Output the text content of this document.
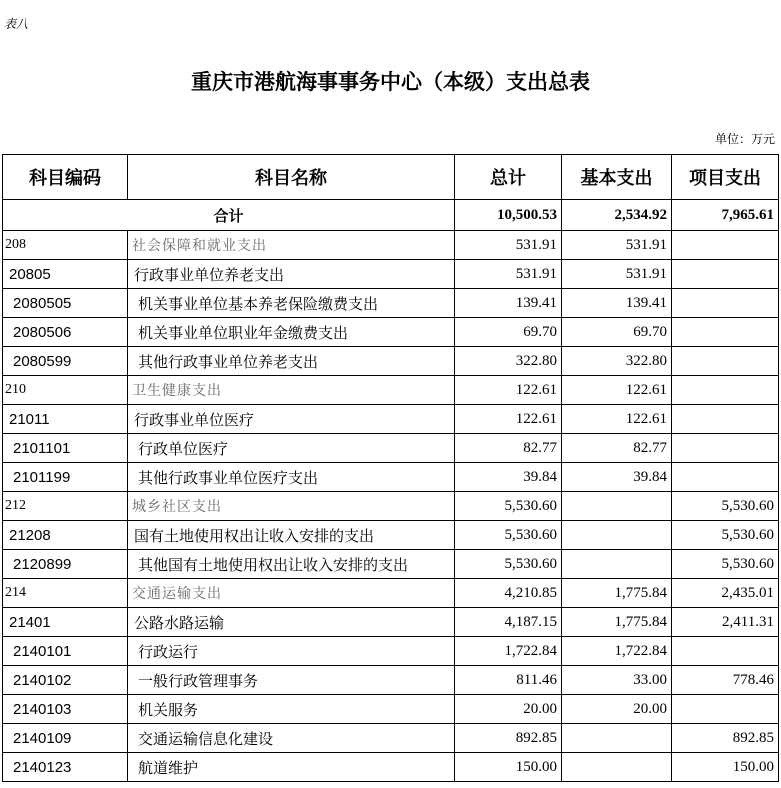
表八
重庆市港航海事事务中心（本级）支出总表
单位：万元
科目编码	科目名称	总计	基本支出	项目支出
合计		10,500.53	2,534.92	7,965.61
208	社会保障和就业支出	531.91	531.91	
20805	行政事业单位养老支出	531.91	531.91	
2080505	机关事业单位基本养老保险缴费支出	139.41	139.41	
2080506	机关事业单位职业年金缴费支出	69.70	69.70	
2080599	其他行政事业单位养老支出	322.80	322.80	
210	卫生健康支出	122.61	122.61	
21011	行政事业单位医疗	122.61	122.61	
2101101	行政单位医疗	82.77	82.77	
2101199	其他行政事业单位医疗支出	39.84	39.84	
212	城乡社区支出	5,530.60		5,530.60
21208	国有土地使用权出让收入安排的支出	5,530.60		5,530.60
2120899	其他国有土地使用权出让收入安排的支出	5,530.60		5,530.60
214	交通运输支出	4,210.85	1,775.84	2,435.01
21401	公路水路运输	4,187.15	1,775.84	2,411.31
2140101	行政运行	1,722.84	1,722.84	
2140102	一般行政管理事务	811.46	33.00	778.46
2140103	机关服务	20.00	20.00	
2140109	交通运输信息化建设	892.85		892.85
2140123	航道维护	150.00		150.00
